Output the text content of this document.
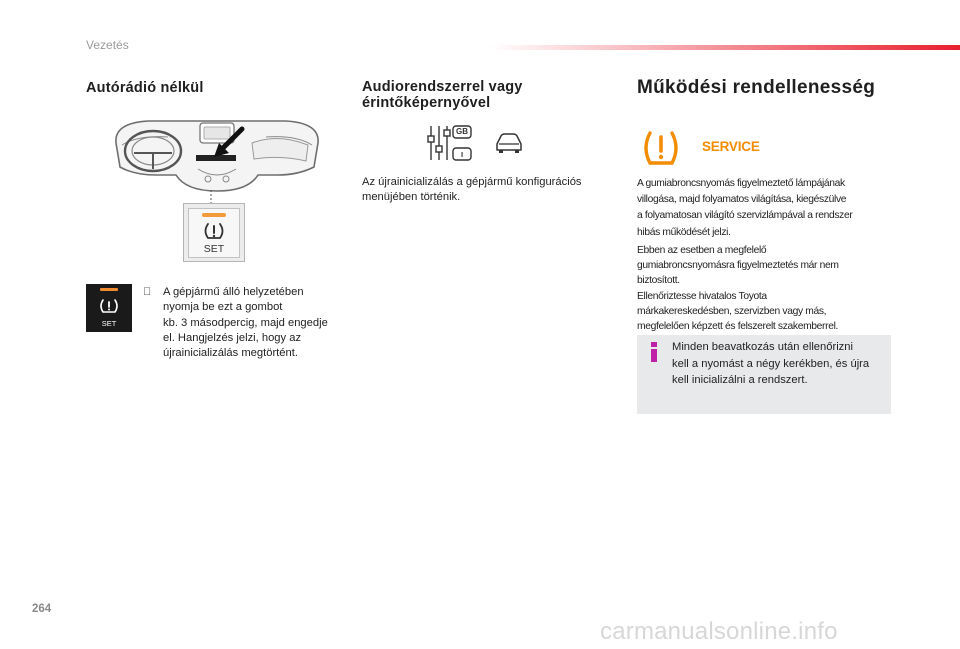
Vezetés
Autórádió nélkül
SET
SET
A gépjármű álló helyzetében
nyomja be ezt a gombot
kb. 3 másodpercig, majd engedje
el. Hangjelzés jelzi, hogy az
újrainicializálás megtörtént.
Audiorendszerrel vagy
érintőképernyővel
GB
I
Az újrainicializálás a gépjármű konfigurációs
menüjében történik.
Működési rendellenesség
SERVICE
A gumiabroncsnyomás figyelmeztető lámpájának
villogása, majd folyamatos világítása, kiegészülve
a folyamatosan világító szervizlámpával a rendszer
hibás működését jelzi.
Ebben az esetben a megfelelő
gumiabroncsnyomásra figyelmeztetés már nem
biztosított.
Ellenőriztesse hivatalos Toyota
márkakereskedésben, szervizben vagy más,
megfelelően képzett és felszerelt szakemberrel.
Minden beavatkozás után ellenőrizni
kell a nyomást a négy kerékben, és újra
kell inicializálni a rendszert.
264
carmanualsonline.info
